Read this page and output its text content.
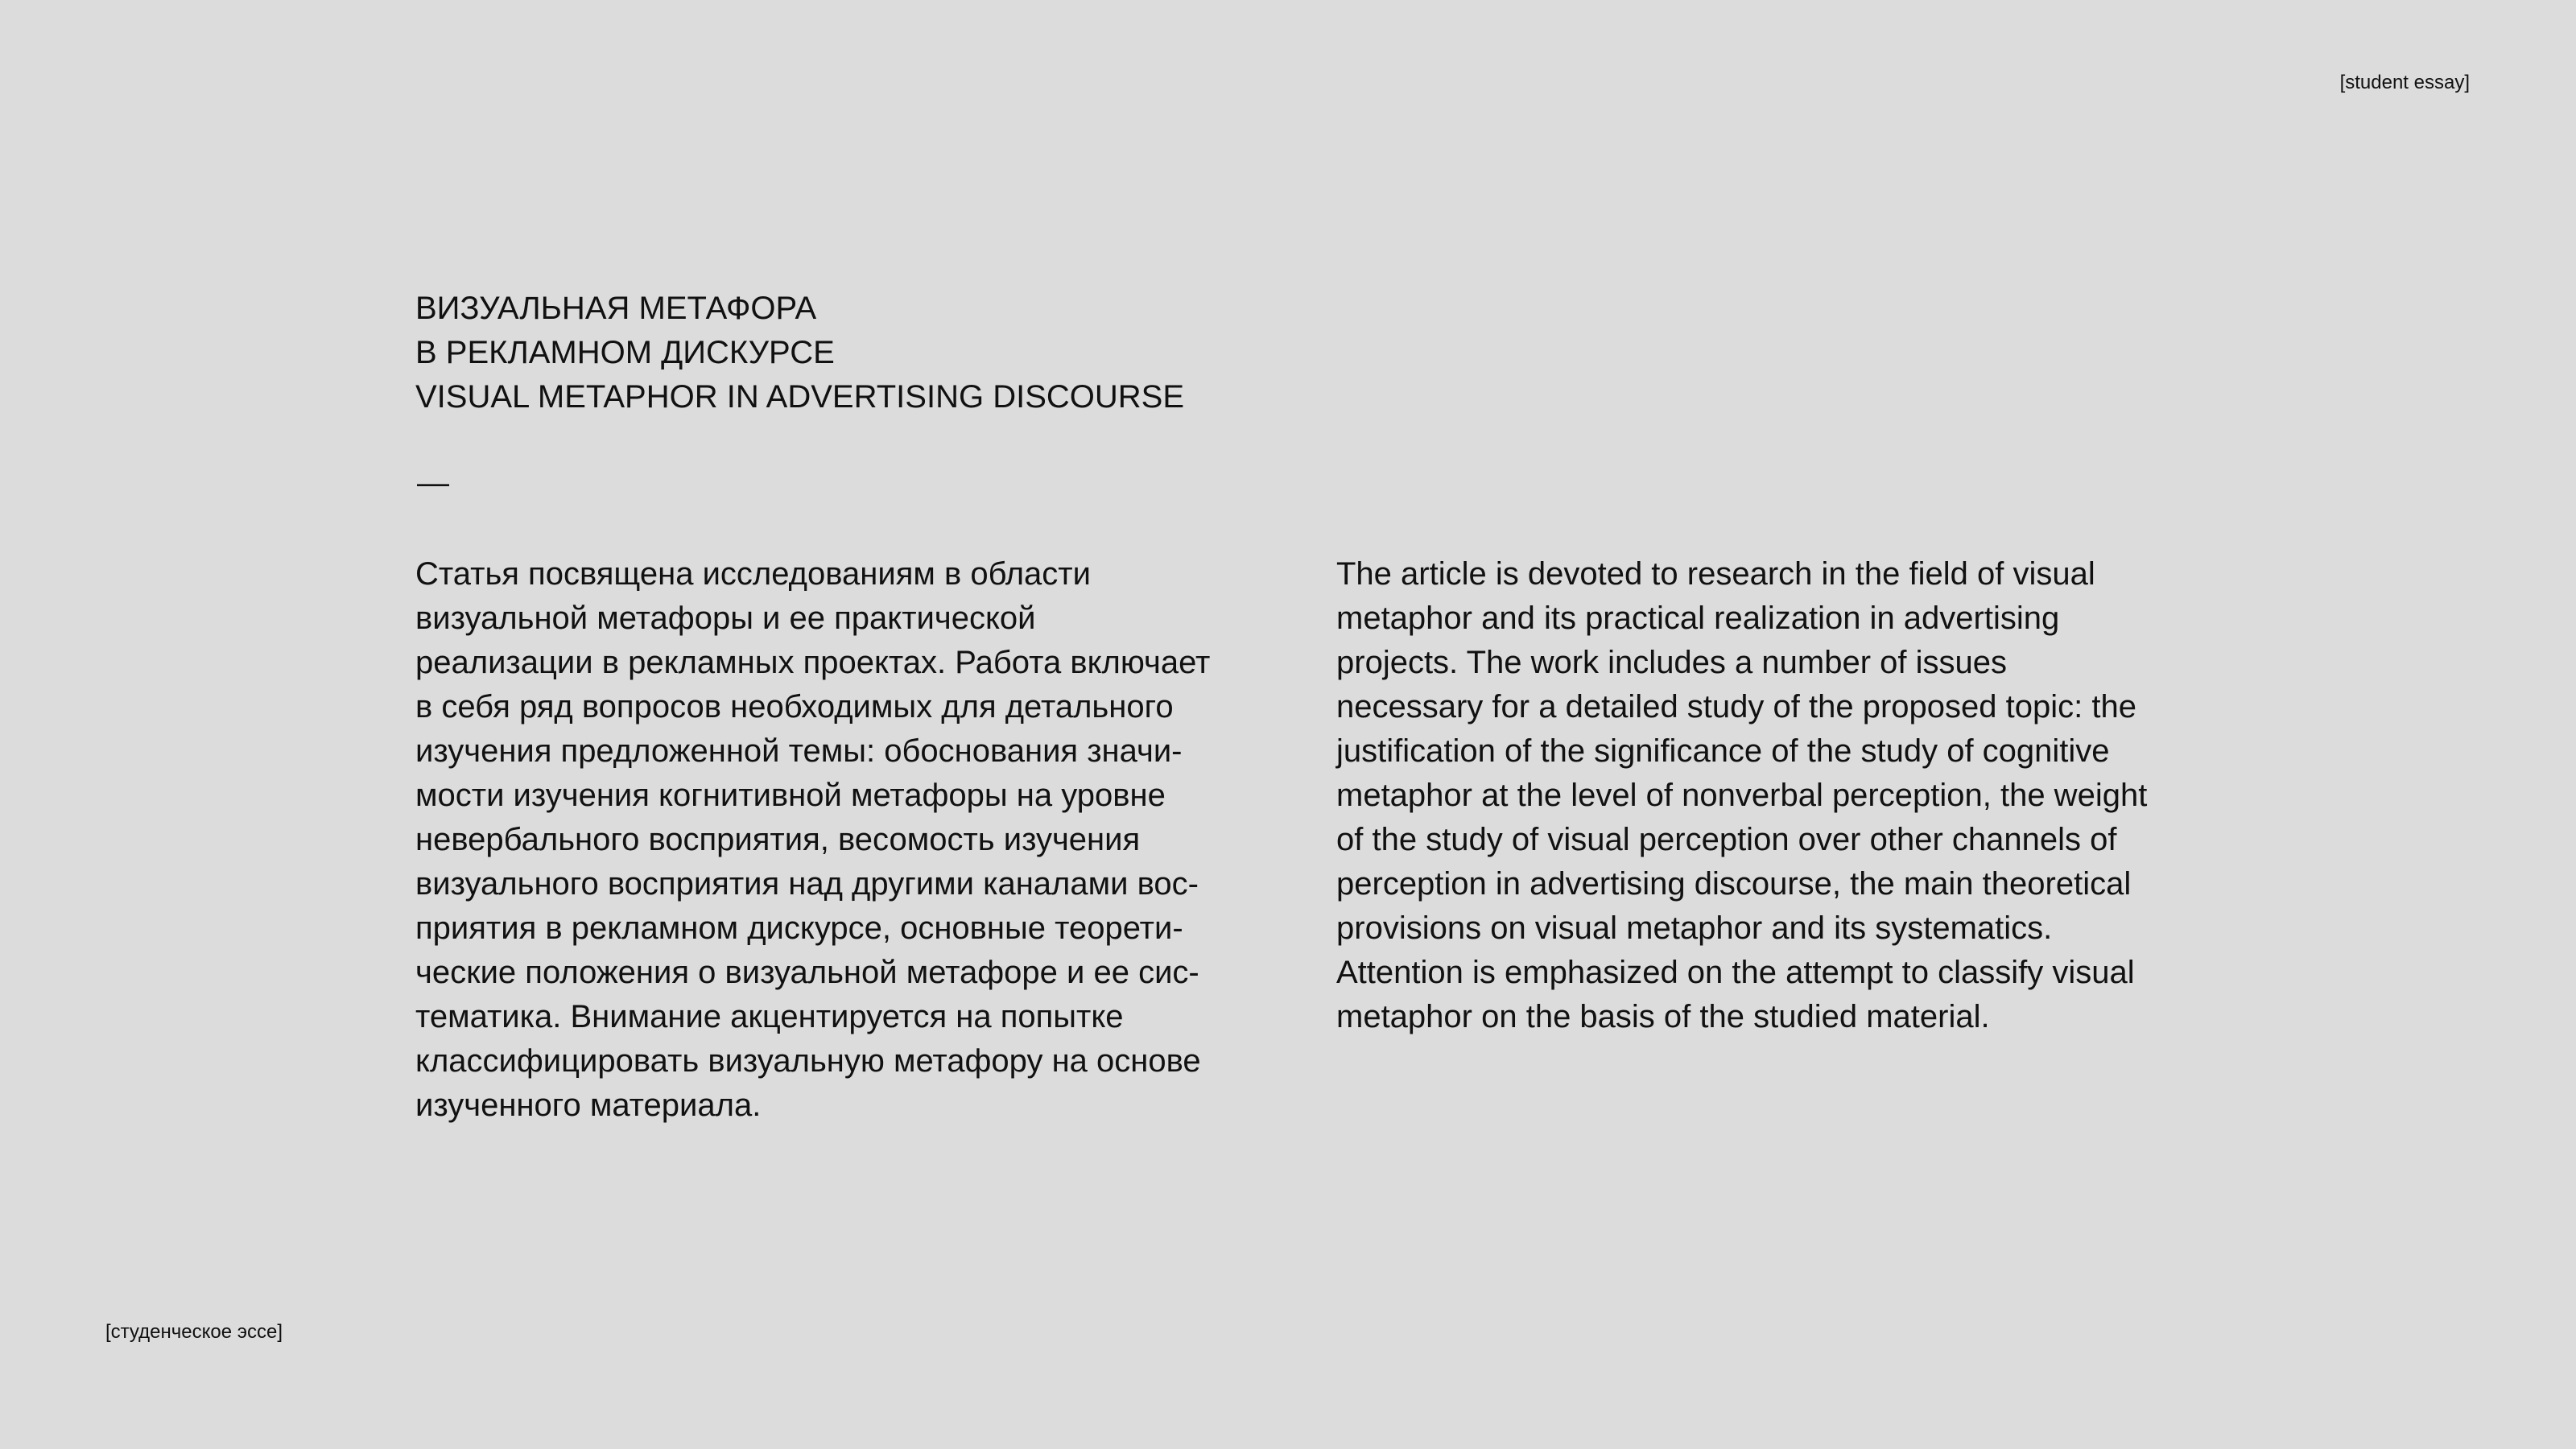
[student essay]
ВИЗУАЛЬНАЯ МЕТАФОРА
В РЕКЛАМНОМ ДИСКУРСЕ
VISUAL METAPHOR IN ADVERTISING DISCOURSE
—
Статья посвящена исследованиям в области
визуальной метафоры и ее практической
реализации в рекламных проектах. Работа включает
в себя ряд вопросов необходимых для детального
изучения предложенной темы: обоснования значи-
мости изучения когнитивной метафоры на уровне
невербального восприятия, весомость изучения
визуального восприятия над другими каналами вос-
приятия в рекламном дискурсе, основные теорети-
ческие положения о визуальной метафоре и ее сис-
тематика. Внимание акцентируется на попытке
классифицировать визуальную метафору на основе
изученного материала.
The article is devoted to research in the field of visual
metaphor and its practical realization in advertising
projects. The work includes a number of issues
necessary for a detailed study of the proposed topic: the
justification of the significance of the study of cognitive
metaphor at the level of nonverbal perception, the weight
of the study of visual perception over other channels of
perception in advertising discourse, the main theoretical
provisions on visual metaphor and its systematics.
Attention is emphasized on the attempt to classify visual
metaphor on the basis of the studied material.
[студенческое эссе]
